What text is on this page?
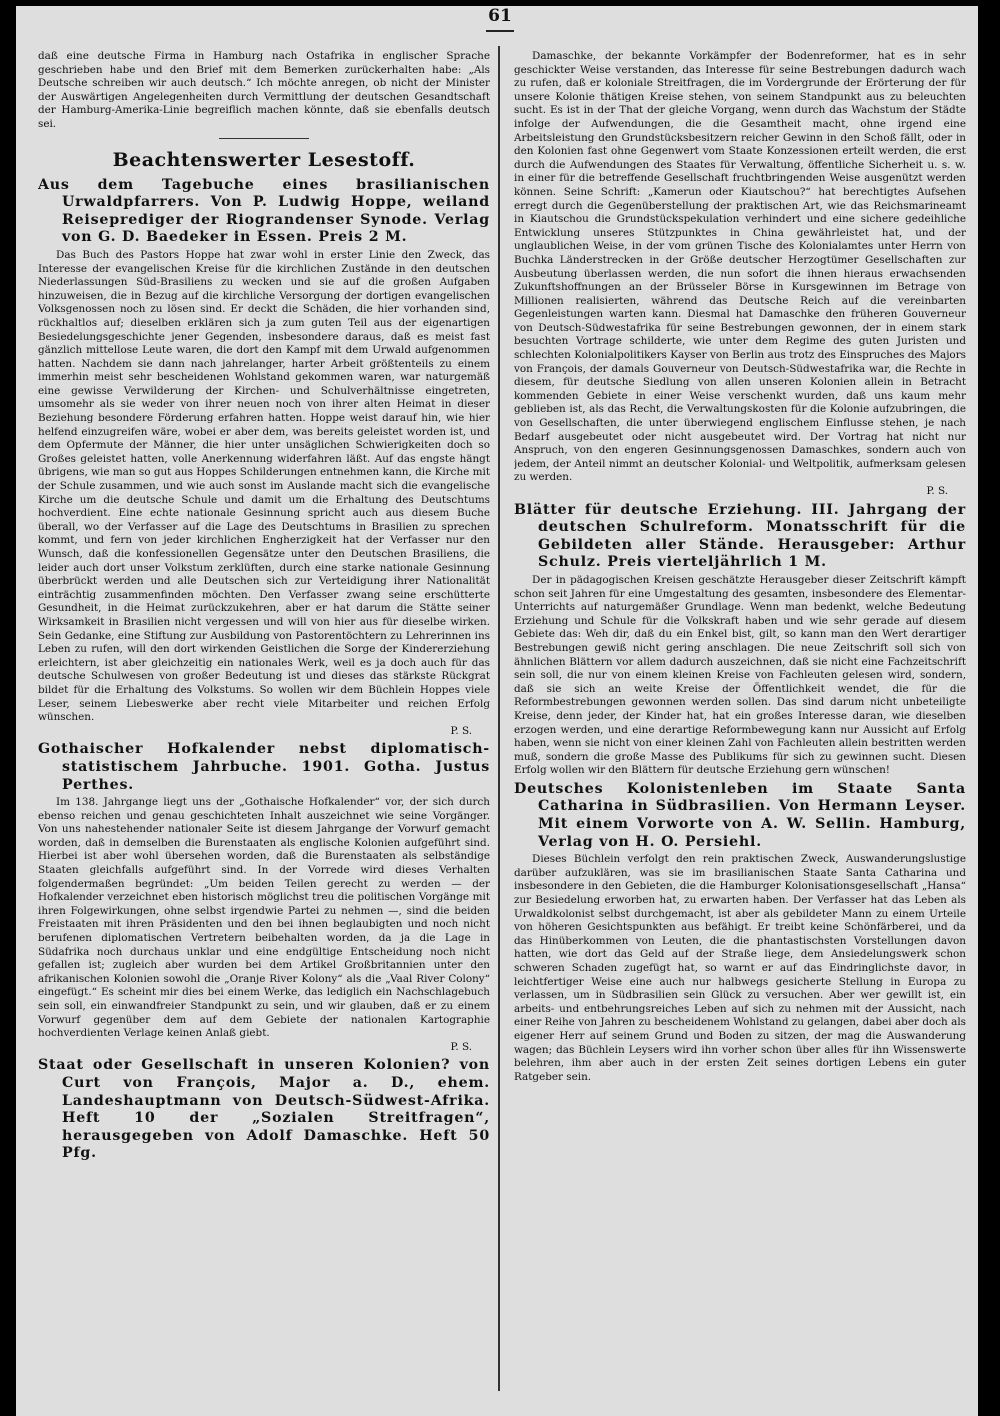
61

daß eine deutsche Firma in Hamburg nach Ostafrika in englischer Sprache geschrieben habe und den Brief mit dem Bemerken zurückerhalten habe: „Als Deutsche schreiben wir auch deutsch.“ Ich möchte anregen, ob nicht der Minister der Auswärtigen Angelegenheiten durch Vermittlung der deutschen Gesandtschaft der Hamburg-Amerika-Linie begreiflich machen könnte, daß sie ebenfalls deutsch sei.

Beachtenswerter Lesestoff.
Aus dem Tagebuche eines brasilianischen Urwaldpfarrers. Von P. Ludwig Hoppe, weiland Reiseprediger der Riograndenser Synode. Verlag von G. D. Baedeker in Essen. Preis 2 M.

Das Buch des Pastors Hoppe hat zwar wohl in erster Linie den Zweck, das Interesse der evangelischen Kreise für die kirchlichen Zustände in den deutschen Niederlassungen Süd-Brasiliens zu wecken und sie auf die großen Aufgaben hinzuweisen, die in Bezug auf die kirchliche Versorgung der dortigen evangelischen Volksgenossen noch zu lösen sind. Er deckt die Schäden, die hier vorhanden sind, rückhaltlos auf; dieselben erklären sich ja zum guten Teil aus der eigenartigen Besiedelungsgeschichte jener Gegenden, insbesondere daraus, daß es meist fast gänzlich mittellose Leute waren, die dort den Kampf mit dem Urwald aufgenommen hatten. Nachdem sie dann nach jahrelanger, harter Arbeit größtenteils zu einem immerhin meist sehr bescheidenen Wohlstand gekommen waren, war naturgemäß eine gewisse Verwilderung der Kirchen- und Schulverhältnisse eingetreten, umsomehr als sie weder von ihrer neuen noch von ihrer alten Heimat in dieser Beziehung besondere Förderung erfahren hatten. Hoppe weist darauf hin, wie hier helfend einzugreifen wäre, wobei er aber dem, was bereits geleistet worden ist, und dem Opfermute der Männer, die hier unter unsäglichen Schwierigkeiten doch so Großes geleistet hatten, volle Anerkennung widerfahren läßt. Auf das engste hängt übrigens, wie man so gut aus Hoppes Schilderungen entnehmen kann, die Kirche mit der Schule zusammen, und wie auch sonst im Auslande macht sich die evangelische Kirche um die deutsche Schule und damit um die Erhaltung des Deutschtums hochverdient. Eine echte nationale Gesinnung spricht auch aus diesem Buche überall, wo der Verfasser auf die Lage des Deutschtums in Brasilien zu sprechen kommt, und fern von jeder kirchlichen Engherzigkeit hat der Verfasser nur den Wunsch, daß die konfessionellen Gegensätze unter den Deutschen Brasiliens, die leider auch dort unser Volkstum zerklüften, durch eine starke nationale Gesinnung überbrückt werden und alle Deutschen sich zur Verteidigung ihrer Nationalität einträchtig zusammenfinden möchten. Den Verfasser zwang seine erschütterte Gesundheit, in die Heimat zurückzukehren, aber er hat darum die Stätte seiner Wirksamkeit in Brasilien nicht vergessen und will von hier aus für dieselbe wirken. Sein Gedanke, eine Stiftung zur Ausbildung von Pastorentöchtern zu Lehrerinnen ins Leben zu rufen, will den dort wirkenden Geistlichen die Sorge der Kindererziehung erleichtern, ist aber gleichzeitig ein nationales Werk, weil es ja doch auch für das deutsche Schulwesen von großer Bedeutung ist und dieses das stärkste Rückgrat bildet für die Erhaltung des Volkstums. So wollen wir dem Büchlein Hoppes viele Leser, seinem Liebeswerke aber recht viele Mitarbeiter und reichen Erfolg wünschen.

P. S.

Gothaischer Hofkalender nebst diplomatisch-statistischem Jahrbuche. 1901. Gotha. Justus Perthes.

Im 138. Jahrgange liegt uns der „Gothaische Hofkalender“ vor, der sich durch ebenso reichen und genau geschichteten Inhalt auszeichnet wie seine Vorgänger. Von uns nahestehender nationaler Seite ist diesem Jahrgange der Vorwurf gemacht worden, daß in demselben die Burenstaaten als englische Kolonien aufgeführt sind. Hierbei ist aber wohl übersehen worden, daß die Burenstaaten als selbständige Staaten gleichfalls aufgeführt sind. In der Vorrede wird dieses Verhalten folgendermaßen begründet: „Um beiden Teilen gerecht zu werden — der Hofkalender verzeichnet eben historisch möglichst treu die politischen Vorgänge mit ihren Folgewirkungen, ohne selbst irgendwie Partei zu nehmen —, sind die beiden Freistaaten mit ihren Präsidenten und den bei ihnen beglaubigten und noch nicht berufenen diplomatischen Vertretern beibehalten worden, da ja die Lage in Südafrika noch durchaus unklar und eine endgültige Entscheidung noch nicht gefallen ist; zugleich aber wurden bei dem Artikel Großbritannien unter den afrikanischen Kolonien sowohl die „Oranje River Kolony“ als die „Vaal River Colony“ eingefügt.“ Es scheint mir dies bei einem Werke, das lediglich ein Nachschlagebuch sein soll, ein einwandfreier Standpunkt zu sein, und wir glauben, daß er zu einem Vorwurf gegenüber dem auf dem Gebiete der nationalen Kartographie hochverdienten Verlage keinen Anlaß giebt.

P. S.

Staat oder Gesellschaft in unseren Kolonien? von Curt von François, Major a. D., ehem. Landeshauptmann von Deutsch-Südwest-Afrika. Heft 10 der „Sozialen Streitfragen“, herausgegeben von Adolf Damaschke. Heft 50 Pfg.

Damaschke, der bekannte Vorkämpfer der Bodenreformer, hat es in sehr geschickter Weise verstanden, das Interesse für seine Bestrebungen dadurch wach zu rufen, daß er koloniale Streitfragen, die im Vordergrunde der Erörterung der für unsere Kolonie thätigen Kreise stehen, von seinem Standpunkt aus zu beleuchten sucht. Es ist in der That der gleiche Vorgang, wenn durch das Wachstum der Städte infolge der Aufwendungen, die die Gesamtheit macht, ohne irgend eine Arbeitsleistung den Grundstücksbesitzern reicher Gewinn in den Schoß fällt, oder in den Kolonien fast ohne Gegenwert vom Staate Konzessionen erteilt werden, die erst durch die Aufwendungen des Staates für Verwaltung, öffentliche Sicherheit u. s. w. in einer für die betreffende Gesellschaft fruchtbringenden Weise ausgenützt werden können. Seine Schrift: „Kamerun oder Kiautschou?“ hat berechtigtes Aufsehen erregt durch die Gegenüberstellung der praktischen Art, wie das Reichsmarineamt in Kiautschou die Grundstückspekulation verhindert und eine sichere gedeihliche Entwicklung unseres Stützpunktes in China gewährleistet hat, und der unglaublichen Weise, in der vom grünen Tische des Kolonialamtes unter Herrn von Buchka Länderstrecken in der Größe deutscher Herzogtümer Gesellschaften zur Ausbeutung überlassen werden, die nun sofort die ihnen hieraus erwachsenden Zukunftshoffnungen an der Brüsseler Börse in Kursgewinnen im Betrage von Millionen realisierten, während das Deutsche Reich auf die vereinbarten Gegenleistungen warten kann. Diesmal hat Damaschke den früheren Gouverneur von Deutsch-Südwestafrika für seine Bestrebungen gewonnen, der in einem stark besuchten Vortrage schilderte, wie unter dem Regime des guten Juristen und schlechten Kolonialpolitikers Kayser von Berlin aus trotz des Einspruches des Majors von François, der damals Gouverneur von Deutsch-Südwestafrika war, die Rechte in diesem, für deutsche Siedlung von allen unseren Kolonien allein in Betracht kommenden Gebiete in einer Weise verschenkt wurden, daß uns kaum mehr geblieben ist, als das Recht, die Verwaltungskosten für die Kolonie aufzubringen, die von Gesellschaften, die unter überwiegend englischem Einflusse stehen, je nach Bedarf ausgebeutet oder nicht ausgebeutet wird. Der Vortrag hat nicht nur Anspruch, von den engeren Gesinnungsgenossen Damaschkes, sondern auch von jedem, der Anteil nimmt an deutscher Kolonial- und Weltpolitik, aufmerksam gelesen zu werden.

P. S.

Blätter für deutsche Erziehung. III. Jahrgang der deutschen Schulreform. Monatsschrift für die Gebildeten aller Stände. Herausgeber: Arthur Schulz. Preis vierteljährlich 1 M.

Der in pädagogischen Kreisen geschätzte Herausgeber dieser Zeitschrift kämpft schon seit Jahren für eine Umgestaltung des gesamten, insbesondere des Elementar-Unterrichts auf naturgemäßer Grundlage. Wenn man bedenkt, welche Bedeutung Erziehung und Schule für die Volkskraft haben und wie sehr gerade auf diesem Gebiete das: Weh dir, daß du ein Enkel bist, gilt, so kann man den Wert derartiger Bestrebungen gewiß nicht gering anschlagen. Die neue Zeitschrift soll sich von ähnlichen Blättern vor allem dadurch auszeichnen, daß sie nicht eine Fachzeitschrift sein soll, die nur von einem kleinen Kreise von Fachleuten gelesen wird, sondern, daß sie sich an weite Kreise der Öffentlichkeit wendet, die für die Reformbestrebungen gewonnen werden sollen. Das sind darum nicht unbeteiligte Kreise, denn jeder, der Kinder hat, hat ein großes Interesse daran, wie dieselben erzogen werden, und eine derartige Reformbewegung kann nur Aussicht auf Erfolg haben, wenn sie nicht von einer kleinen Zahl von Fachleuten allein bestritten werden muß, sondern die große Masse des Publikums für sich zu gewinnen sucht. Diesen Erfolg wollen wir den Blättern für deutsche Erziehung gern wünschen!

Deutsches Kolonistenleben im Staate Santa Catharina in Südbrasilien. Von Hermann Leyser. Mit einem Vorworte von A. W. Sellin. Hamburg, Verlag von H. O. Persiehl.

Dieses Büchlein verfolgt den rein praktischen Zweck, Auswanderungslustige darüber aufzuklären, was sie im brasilianischen Staate Santa Catharina und insbesondere in den Gebieten, die die Hamburger Kolonisationsgesellschaft „Hansa“ zur Besiedelung erworben hat, zu erwarten haben. Der Verfasser hat das Leben als Urwaldkolonist selbst durchgemacht, ist aber als gebildeter Mann zu einem Urteile von höheren Gesichtspunkten aus befähigt. Er treibt keine Schönfärberei, und da das Hinüberkommen von Leuten, die die phantastischsten Vorstellungen davon hatten, wie dort das Geld auf der Straße liege, dem Ansiedelungswerk schon schweren Schaden zugefügt hat, so warnt er auf das Eindringlichste davor, in leichtfertiger Weise eine auch nur halbwegs gesicherte Stellung in Europa zu verlassen, um in Südbrasilien sein Glück zu versuchen. Aber wer gewillt ist, ein arbeits- und entbehrungsreiches Leben auf sich zu nehmen mit der Aussicht, nach einer Reihe von Jahren zu bescheidenem Wohlstand zu gelangen, dabei aber doch als eigener Herr auf seinem Grund und Boden zu sitzen, der mag die Auswanderung wagen; das Büchlein Leysers wird ihn vorher schon über alles für ihn Wissenswerte belehren, ihm aber auch in der ersten Zeit seines dortigen Lebens ein guter Ratgeber sein.
